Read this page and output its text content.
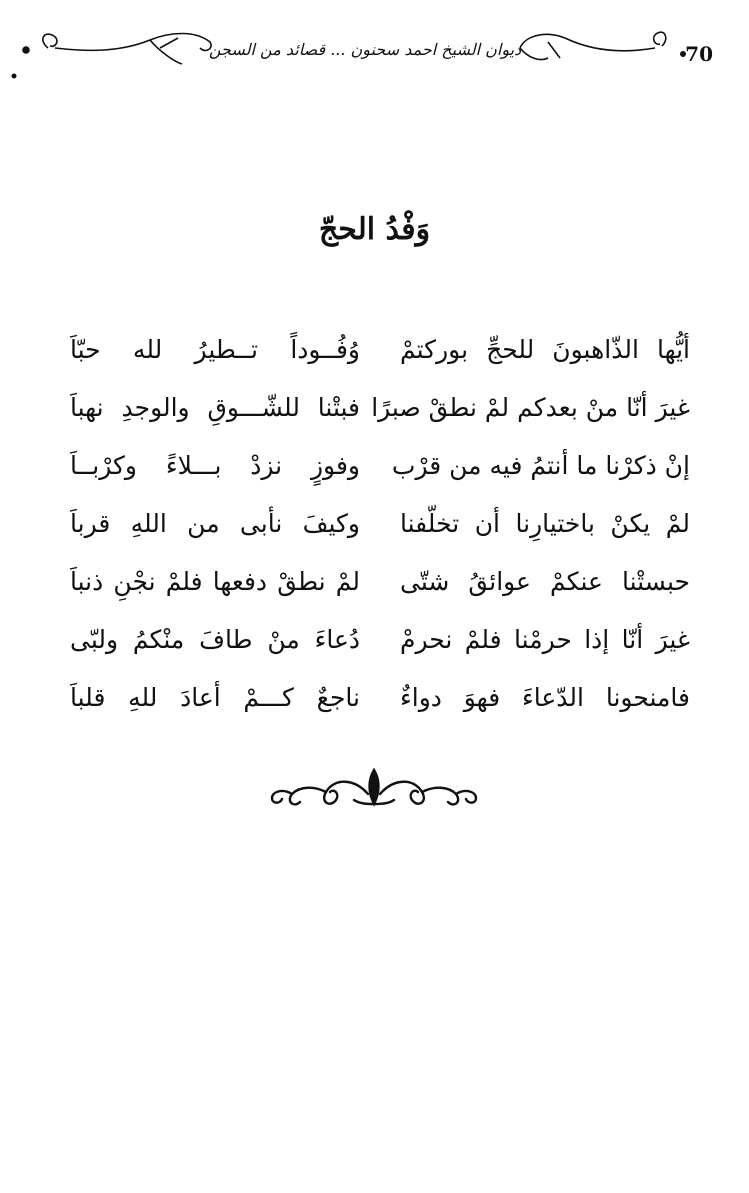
70
ديوان الشيخ احمد سحنون ... قصائد من السجن
وَفْدُ الحجّ
أيُّها الذّاهبونَ للحجِّ بوركتمْ
وُفُــوداً تــطيرُ لله حبّاَ
غيرَ أنّا منْ بعدكم لمْ نطقْ صبرًا
فبتْنا للشّـــوقِ والوجدِ نهباَ
إنْ ذكرْنا ما أنتمُ فيه من قرْب
وفوزٍ نزدْ بـــلاءً وكرْبــاَ
لمْ يكنْ باختيارِنا أن تخلّفنا
وكيفَ نأبى من اللهِ قرباَ
حبستْنا عنكمْ عوائقُ شتّى
لمْ نطقْ دفعها فلمْ نجْنِ ذنباَ
غيرَ أنّا إذا حرمْنا فلمْ نحرمْ
دُعاءَ منْ طافَ منْكمُ ولبّى
فامنحونا الدّعاءَ فهوَ دواءٌ
ناجعٌ كـــمْ أعادَ للهِ قلباَ
